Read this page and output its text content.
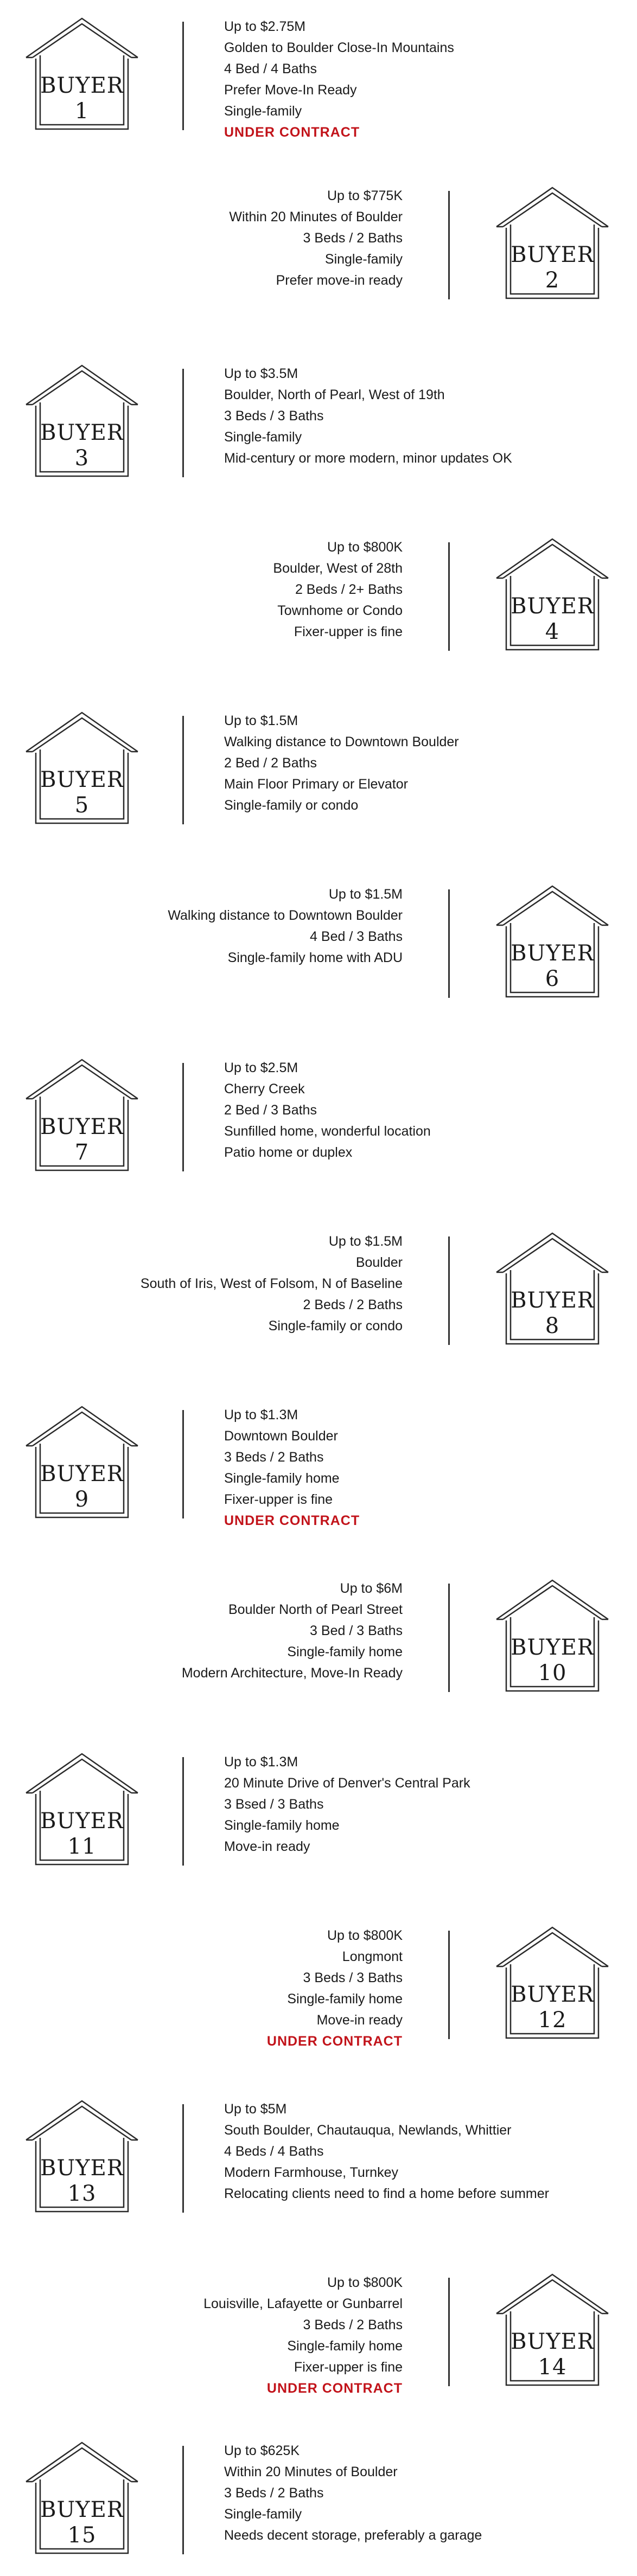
BUYER
1
Up to $2.75M
Golden to Boulder Close-In Mountains
4 Bed / 4 Baths
Prefer Move-In Ready
Single-family
UNDER CONTRACT
BUYER
2
Up to $775K
Within 20 Minutes of Boulder
3 Beds / 2 Baths
Single-family
Prefer move-in ready
BUYER
3
Up to $3.5M
Boulder, North of Pearl, West of 19th
3 Beds / 3 Baths
Single-family
Mid-century or more modern, minor updates OK
BUYER
4
Up to $800K
Boulder, West of 28th
2 Beds / 2+ Baths
Townhome or Condo
Fixer-upper is fine
BUYER
5
Up to $1.5M
Walking distance to Downtown Boulder
2 Bed / 2 Baths
Main Floor Primary or Elevator
Single-family or condo
BUYER
6
Up to $1.5M
Walking distance to Downtown Boulder
4 Bed / 3 Baths
Single-family home with ADU
BUYER
7
Up to $2.5M
Cherry Creek
2 Bed / 3 Baths
Sunfilled home, wonderful location
Patio home or duplex
BUYER
8
Up to $1.5M
Boulder
South of Iris, West of Folsom, N of Baseline
2 Beds / 2 Baths
Single-family or condo
BUYER
9
Up to $1.3M
Downtown Boulder
3 Beds / 2 Baths
Single-family home
Fixer-upper is fine
UNDER CONTRACT
BUYER
10
Up to $6M
Boulder North of Pearl Street
3 Bed / 3 Baths
Single-family home
Modern Architecture, Move-In Ready
BUYER
11
Up to $1.3M
20 Minute Drive of Denver's Central Park
3 Bsed / 3 Baths
Single-family home
Move-in ready
BUYER
12
Up to $800K
Longmont
3 Beds / 3 Baths
Single-family home
Move-in ready
UNDER CONTRACT
BUYER
13
Up to $5M
South Boulder, Chautauqua, Newlands, Whittier
4 Beds / 4 Baths
Modern Farmhouse, Turnkey
Relocating clients need to find a home before summer
BUYER
14
Up to $800K
Louisville, Lafayette or Gunbarrel
3 Beds / 2 Baths
Single-family home
Fixer-upper is fine
UNDER CONTRACT
BUYER
15
Up to $625K
Within 20 Minutes of Boulder
3 Beds / 2 Baths
Single-family
Needs decent storage, preferably a garage
